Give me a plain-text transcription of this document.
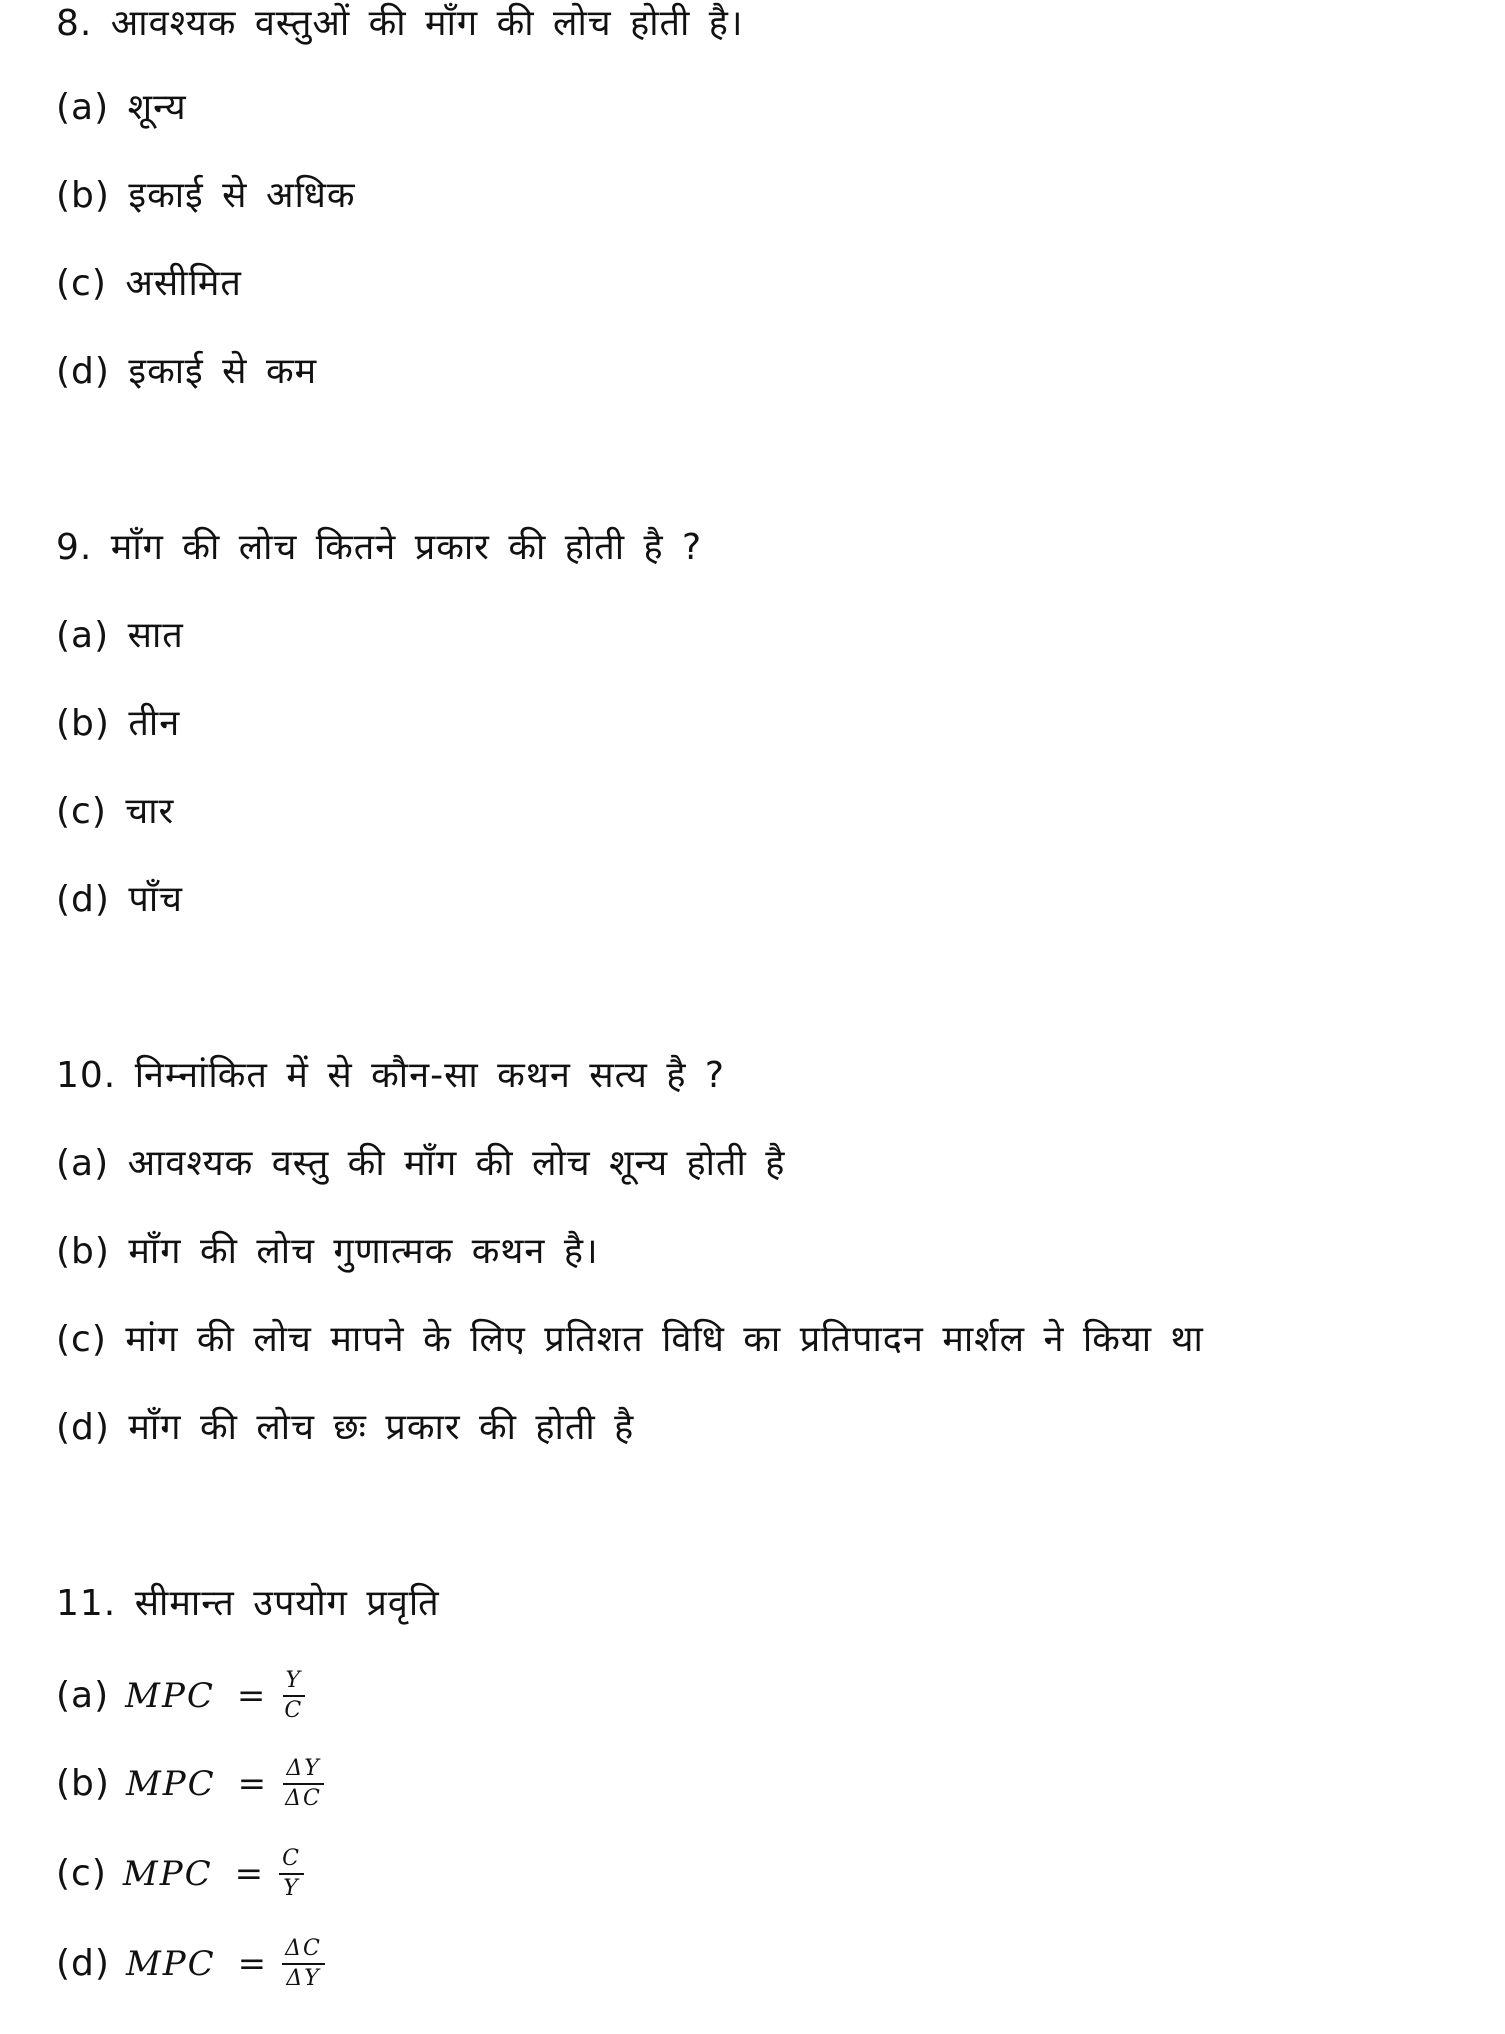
8. आवश्यक वस्तुओं की माँग की लोच होती है।
(a) शून्य
(b) इकाई से अधिक
(c) असीमित
(d) इकाई से कम
9. माँग की लोच कितने प्रकार की होती है ?
(a) सात
(b) तीन
(c) चार
(d) पाँच
10. निम्नांकित में से कौन-सा कथन सत्य है ?
(a) आवश्यक वस्तु की माँग की लोच शून्य होती है
(b) माँग की लोच गुणात्मक कथन है।
(c) मांग की लोच मापने के लिए प्रतिशत विधि का प्रतिपादन मार्शल ने किया था
(d) माँग की लोच छः प्रकार की होती है
11. सीमान्त उपयोग प्रवृति
(a) MPC = $\frac{Y}{C}$
(b) MPC = $\frac{\Delta Y}{\Delta C}$
(c) MPC = $\frac{C}{Y}$
(d) MPC = $\frac{\Delta C}{\Delta Y}$
